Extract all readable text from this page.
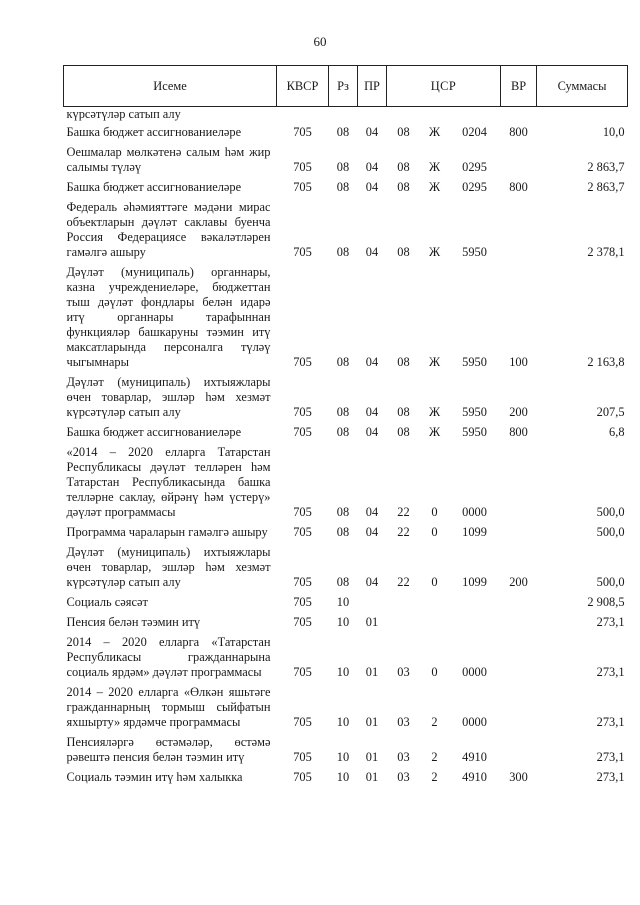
60
Исеме	КВСР	Рз	ПР	ЦСР			ВР	Суммасы
күрсәтүләр сатып алу								
Башка бюджет ассигнованиеләре	705	08	04	08	Ж	0204	800	10,0
Оешмалар мөлкәтенә салым һәм жир салымы түләү	705	08	04	08	Ж	0295		2 863,7
Башка бюджет ассигнованиеләре	705	08	04	08	Ж	0295	800	2 863,7
Федераль әһәмияттәге мәдәни мирас объектларын дәүләт саклавы буенча Россия Федерациясе вәкаләтләрен гамәлгә ашыру	705	08	04	08	Ж	5950		2 378,1
Дәүләт (муниципаль) органнары, казна учреждениеләре, бюджеттан тыш дәүләт фондлары белән идарә итү органнары тарафыннан функцияләр башкаруны тәэмин итү максатларында персоналга түләү чыгымнары	705	08	04	08	Ж	5950	100	2 163,8
Дәүләт (муниципаль) ихтыяжлары өчен товарлар, эшләр һәм хезмәт күрсәтүләр сатып алу	705	08	04	08	Ж	5950	200	207,5
Башка бюджет ассигнованиеләре	705	08	04	08	Ж	5950	800	6,8
«2014 – 2020 елларга Татарстан Республикасы дәүләт телләрен һәм Татарстан Республикасында башка телләрне саклау, өйрәнү һәм үстерү» дәүләт программасы	705	08	04	22	0	0000		500,0
Программа чараларын гамәлгә ашыру	705	08	04	22	0	1099		500,0
Дәүләт (муниципаль) ихтыяжлары өчен товарлар, эшләр һәм хезмәт күрсәтүләр сатып алу	705	08	04	22	0	1099	200	500,0
Социаль сәясәт	705	10						2 908,5
Пенсия белән тәэмин итү	705	10	01					273,1
2014 – 2020 елларга «Татарстан Республикасы гражданнарына социаль ярдәм» дәүләт программасы	705	10	01	03	0	0000		273,1
2014 – 2020 елларга «Өлкән яшьтәге гражданнарның тормыш сыйфатын яхшырту» ярдәмче программасы	705	10	01	03	2	0000		273,1
Пенсияләргә өстәмәләр, өстәмә рәвештә пенсия белән тәэмин итү	705	10	01	03	2	4910		273,1
Социаль тәэмин итү һәм халыкка	705	10	01	03	2	4910	300	273,1
